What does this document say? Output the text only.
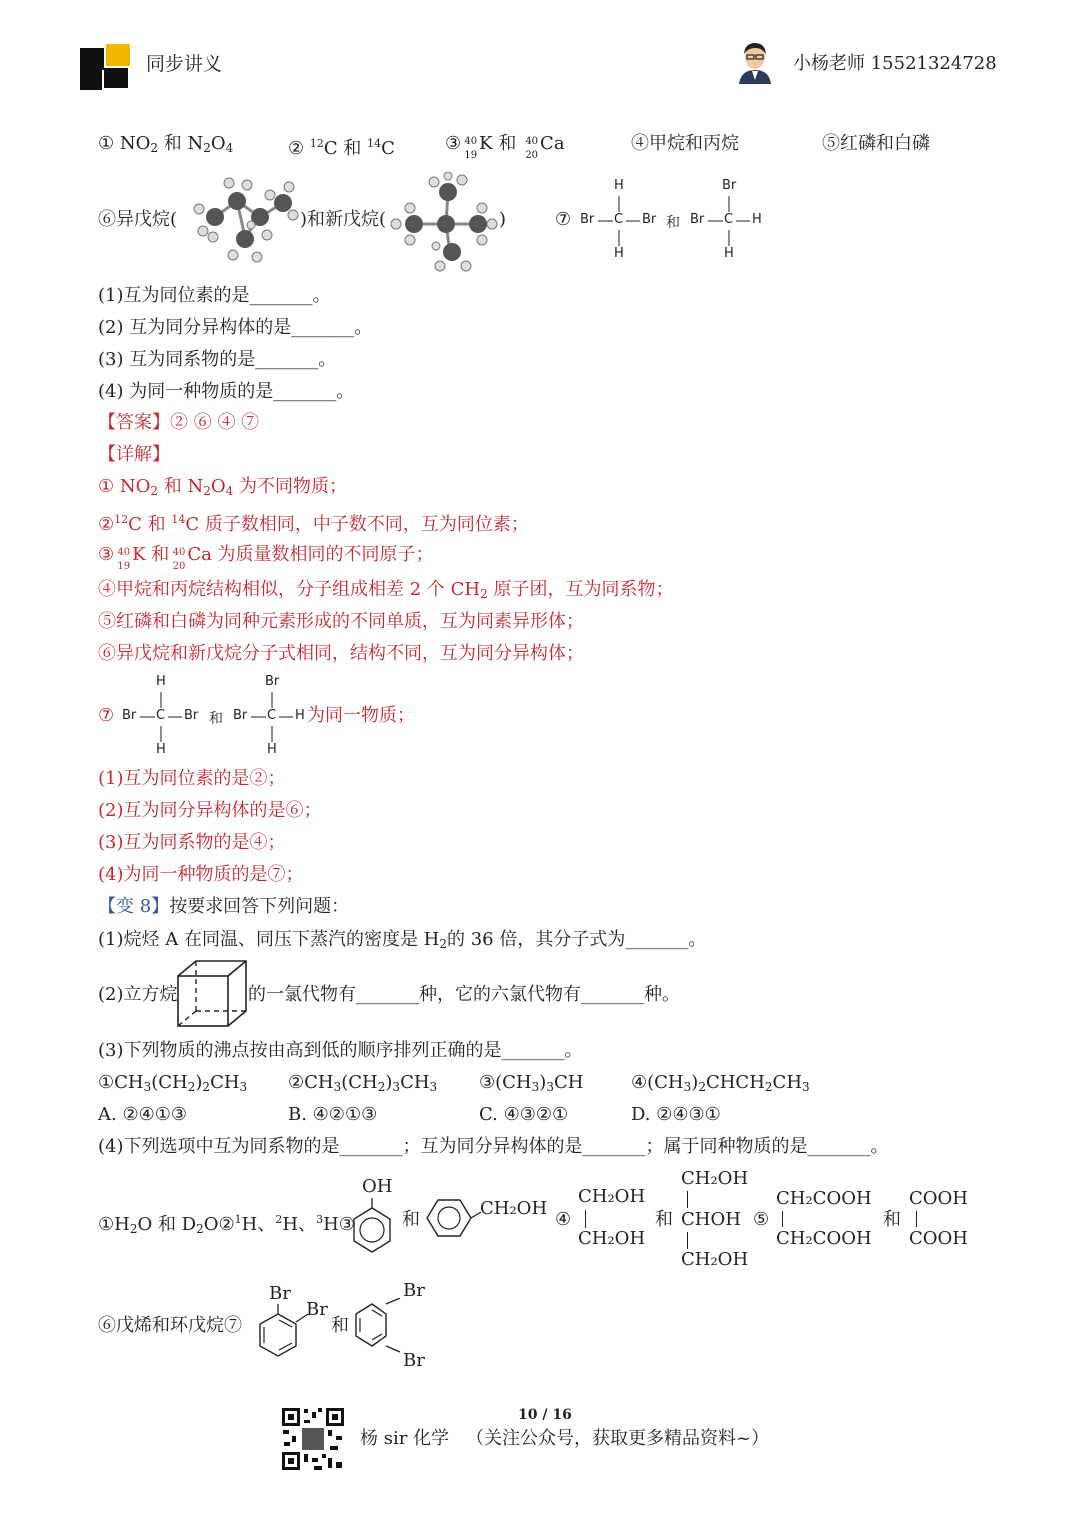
同步讲义	小杨老师 15521324728
① $NO_2$ 和 $N_2O_4$	② $^{12}$C 和 $^{14}$C	③ 40
19
K 和 40
20
Ca	④甲烷和丙烷	⑤红磷和白磷
⑥异戊烷(	)和新戊烷(	)	⑦
H
Br C Br
H
和
Br
Br C H
H
(1)互为同位素的是_______。
(2) 互为同分异构体的是_______。
(3) 互为同系物的是_______。
(4) 为同一种物质的是_______。
【答案】② ⑥ ④ ⑦
【详解】
① $NO_2$ 和 $N_2O_4$ 为不同物质；
②$^{12}$C 和 $^{14}$C 质子数相同，中子数不同，互为同位素；
③ 40
19
K 和 40
20
Ca 为质量数相同的不同原子；
④甲烷和丙烷结构相似，分子组成相差 2 个 $CH_2$ 原子团，互为同系物；
⑤红磷和白磷为同种元素形成的不同单质，互为同素异形体；
⑥异戊烷和新戊烷分子式相同，结构不同，互为同分异构体；
⑦
H
Br C Br
H
和
Br
Br C H
H
为同一物质；
(1)互为同位素的是②；
(2)互为同分异构体的是⑥；
(3)互为同系物的是④；
(4)为同一种物质的是⑦；
【变 8】按要求回答下列问题：
(1)烷烃 A 在同温、同压下蒸汽的密度是 $H_2$的 36 倍，其分子式为_______。
(2)立方烷	的一氯代物有_______种，它的六氯代物有_______种。
(3)下列物质的沸点按由高到低的顺序排列正确的是_______。
$①CH_3(CH_2)_2CH_3$ $②CH_3(CH_2)_3CH_3$ $③(CH_3)_3CH$	$④(CH_3)_2CHCH_2CH_3$
A. ②④①③	B. ④②①③	C. ④③②①	D. ②④③①
(4)下列选项中互为同系物的是_______；互为同分异构体的是_______；属于同种物质的是_______。
$①H_2O$ 和 $D_2O②^1H$、$^2$H、$^3$H③
OH
和
CH₂OH
④
CH₂OH
CH₂OH
和
CH₂OH
CHOH
CH₂OH
⑤
CH₂COOH
CH₂COOH
和
COOH
COOH
⑥戊烯和环戊烷⑦
Br
Br
和
Br
Br
10 / 16
杨 sir 化学 （关注公众号，获取更多精品资料~）
